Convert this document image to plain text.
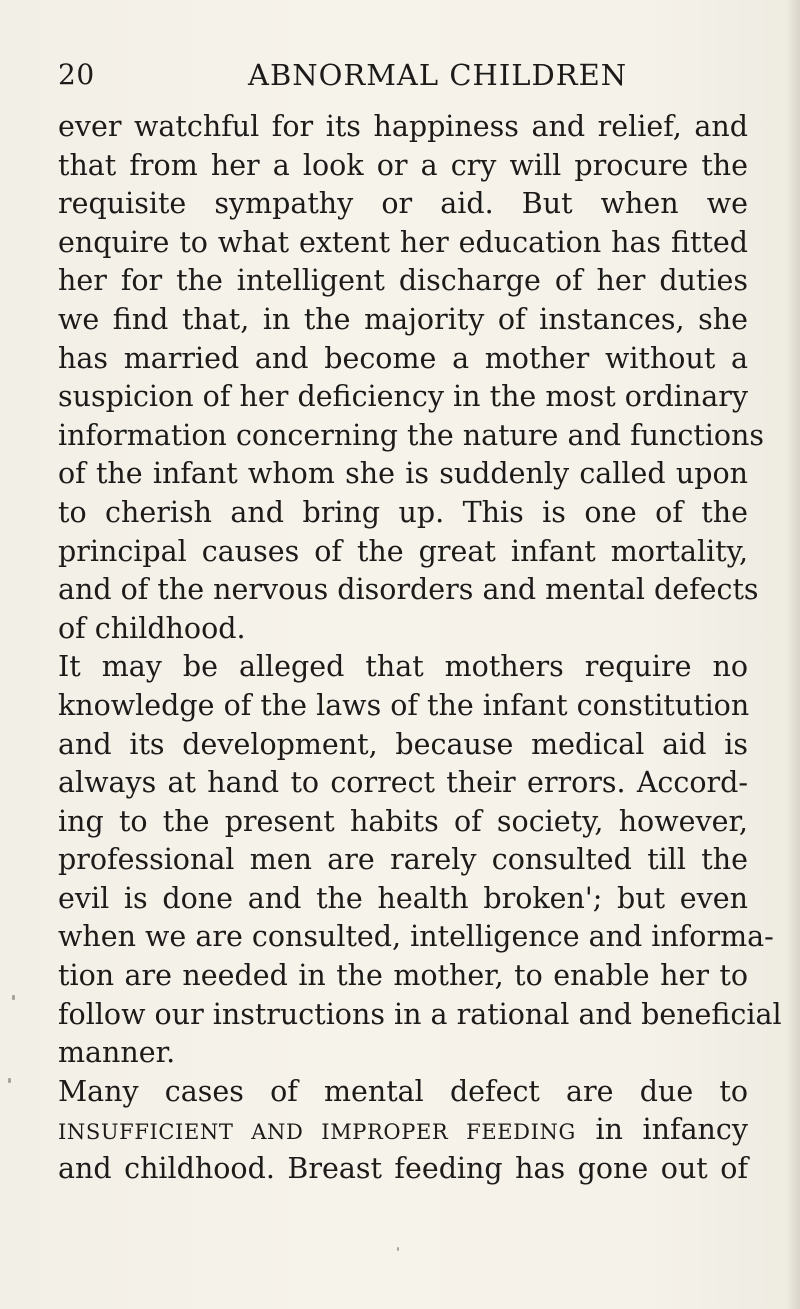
20	ABNORMAL CHILDREN
ever watchful for its happiness and relief, and
that from her a look or a cry will procure the
requisite sympathy or aid. But when we
enquire to what extent her education has fitted
her for the intelligent discharge of her duties
we find that, in the majority of instances, she
has married and become a mother without a
suspicion of her deficiency in the most ordinary
information concerning the nature and functions
of the infant whom she is suddenly called upon
to cherish and bring up. This is one of the
principal causes of the great infant mortality,
and of the nervous disorders and mental defects
of childhood.
It may be alleged that mothers require no
knowledge of the laws of the infant constitution
and its development, because medical aid is
always at hand to correct their errors. Accord-
ing to the present habits of society, however,
professional men are rarely consulted till the
evil is done and the health broken'; but even
when we are consulted, intelligence and informa-
tion are needed in the mother, to enable her to
follow our instructions in a rational and beneficial
manner.
Many cases of mental defect are due to
INSUFFICIENT AND IMPROPER FEEDING in infancy
and childhood. Breast feeding has gone out of
